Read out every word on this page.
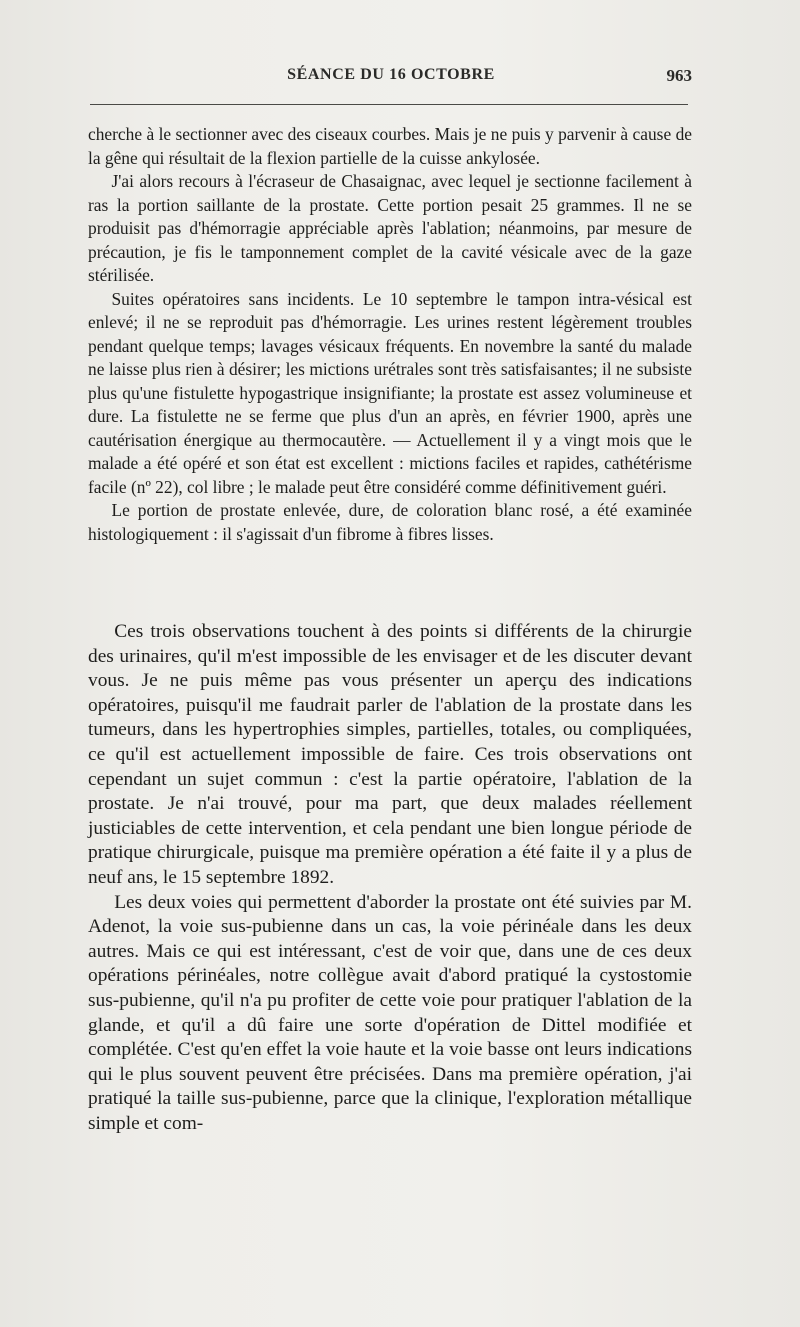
SÉANCE DU 16 OCTOBRE	963

cherche à le sectionner avec des ciseaux courbes. Mais je ne puis y parvenir à cause de la gêne qui résultait de la flexion partielle de la cuisse ankylosée.

J'ai alors recours à l'écraseur de Chasaignac, avec lequel je sectionne facilement à ras la portion saillante de la prostate. Cette portion pesait 25 grammes. Il ne se produisit pas d'hémorragie appréciable après l'ablation; néanmoins, par mesure de précaution, je fis le tamponnement complet de la cavité vésicale avec de la gaze stérilisée.

Suites opératoires sans incidents. Le 10 septembre le tampon intra-vésical est enlevé; il ne se reproduit pas d'hémorragie. Les urines restent légèrement troubles pendant quelque temps; lavages vésicaux fréquents. En novembre la santé du malade ne laisse plus rien à désirer; les mictions urétrales sont très satisfaisantes; il ne subsiste plus qu'une fistulette hypogastrique insignifiante; la prostate est assez volumineuse et dure. La fistulette ne se ferme que plus d'un an après, en février 1900, après une cautérisation énergique au thermocautère. — Actuellement il y a vingt mois que le malade a été opéré et son état est excellent : mictions faciles et rapides, cathétérisme facile (nº 22), col libre ; le malade peut être considéré comme définitivement guéri.

Le portion de prostate enlevée, dure, de coloration blanc rosé, a été examinée histologiquement : il s'agissait d'un fibrome à fibres lisses.

Ces trois observations touchent à des points si différents de la chirurgie des urinaires, qu'il m'est impossible de les envisager et de les discuter devant vous. Je ne puis même pas vous présenter un aperçu des indications opératoires, puisqu'il me faudrait parler de l'ablation de la prostate dans les tumeurs, dans les hypertrophies simples, partielles, totales, ou compliquées, ce qu'il est actuellement impossible de faire. Ces trois observations ont cependant un sujet commun : c'est la partie opératoire, l'ablation de la prostate. Je n'ai trouvé, pour ma part, que deux malades réellement justiciables de cette intervention, et cela pendant une bien longue période de pratique chirurgicale, puisque ma première opération a été faite il y a plus de neuf ans, le 15 septembre 1892.

Les deux voies qui permettent d'aborder la prostate ont été suivies par M. Adenot, la voie sus-pubienne dans un cas, la voie périnéale dans les deux autres. Mais ce qui est intéressant, c'est de voir que, dans une de ces deux opérations périnéales, notre collègue avait d'abord pratiqué la cystostomie sus-pubienne, qu'il n'a pu profiter de cette voie pour pratiquer l'ablation de la glande, et qu'il a dû faire une sorte d'opération de Dittel modifiée et complétée. C'est qu'en effet la voie haute et la voie basse ont leurs indications qui le plus souvent peuvent être précisées. Dans ma première opération, j'ai pratiqué la taille sus-pubienne, parce que la clinique, l'exploration métallique simple et com-
